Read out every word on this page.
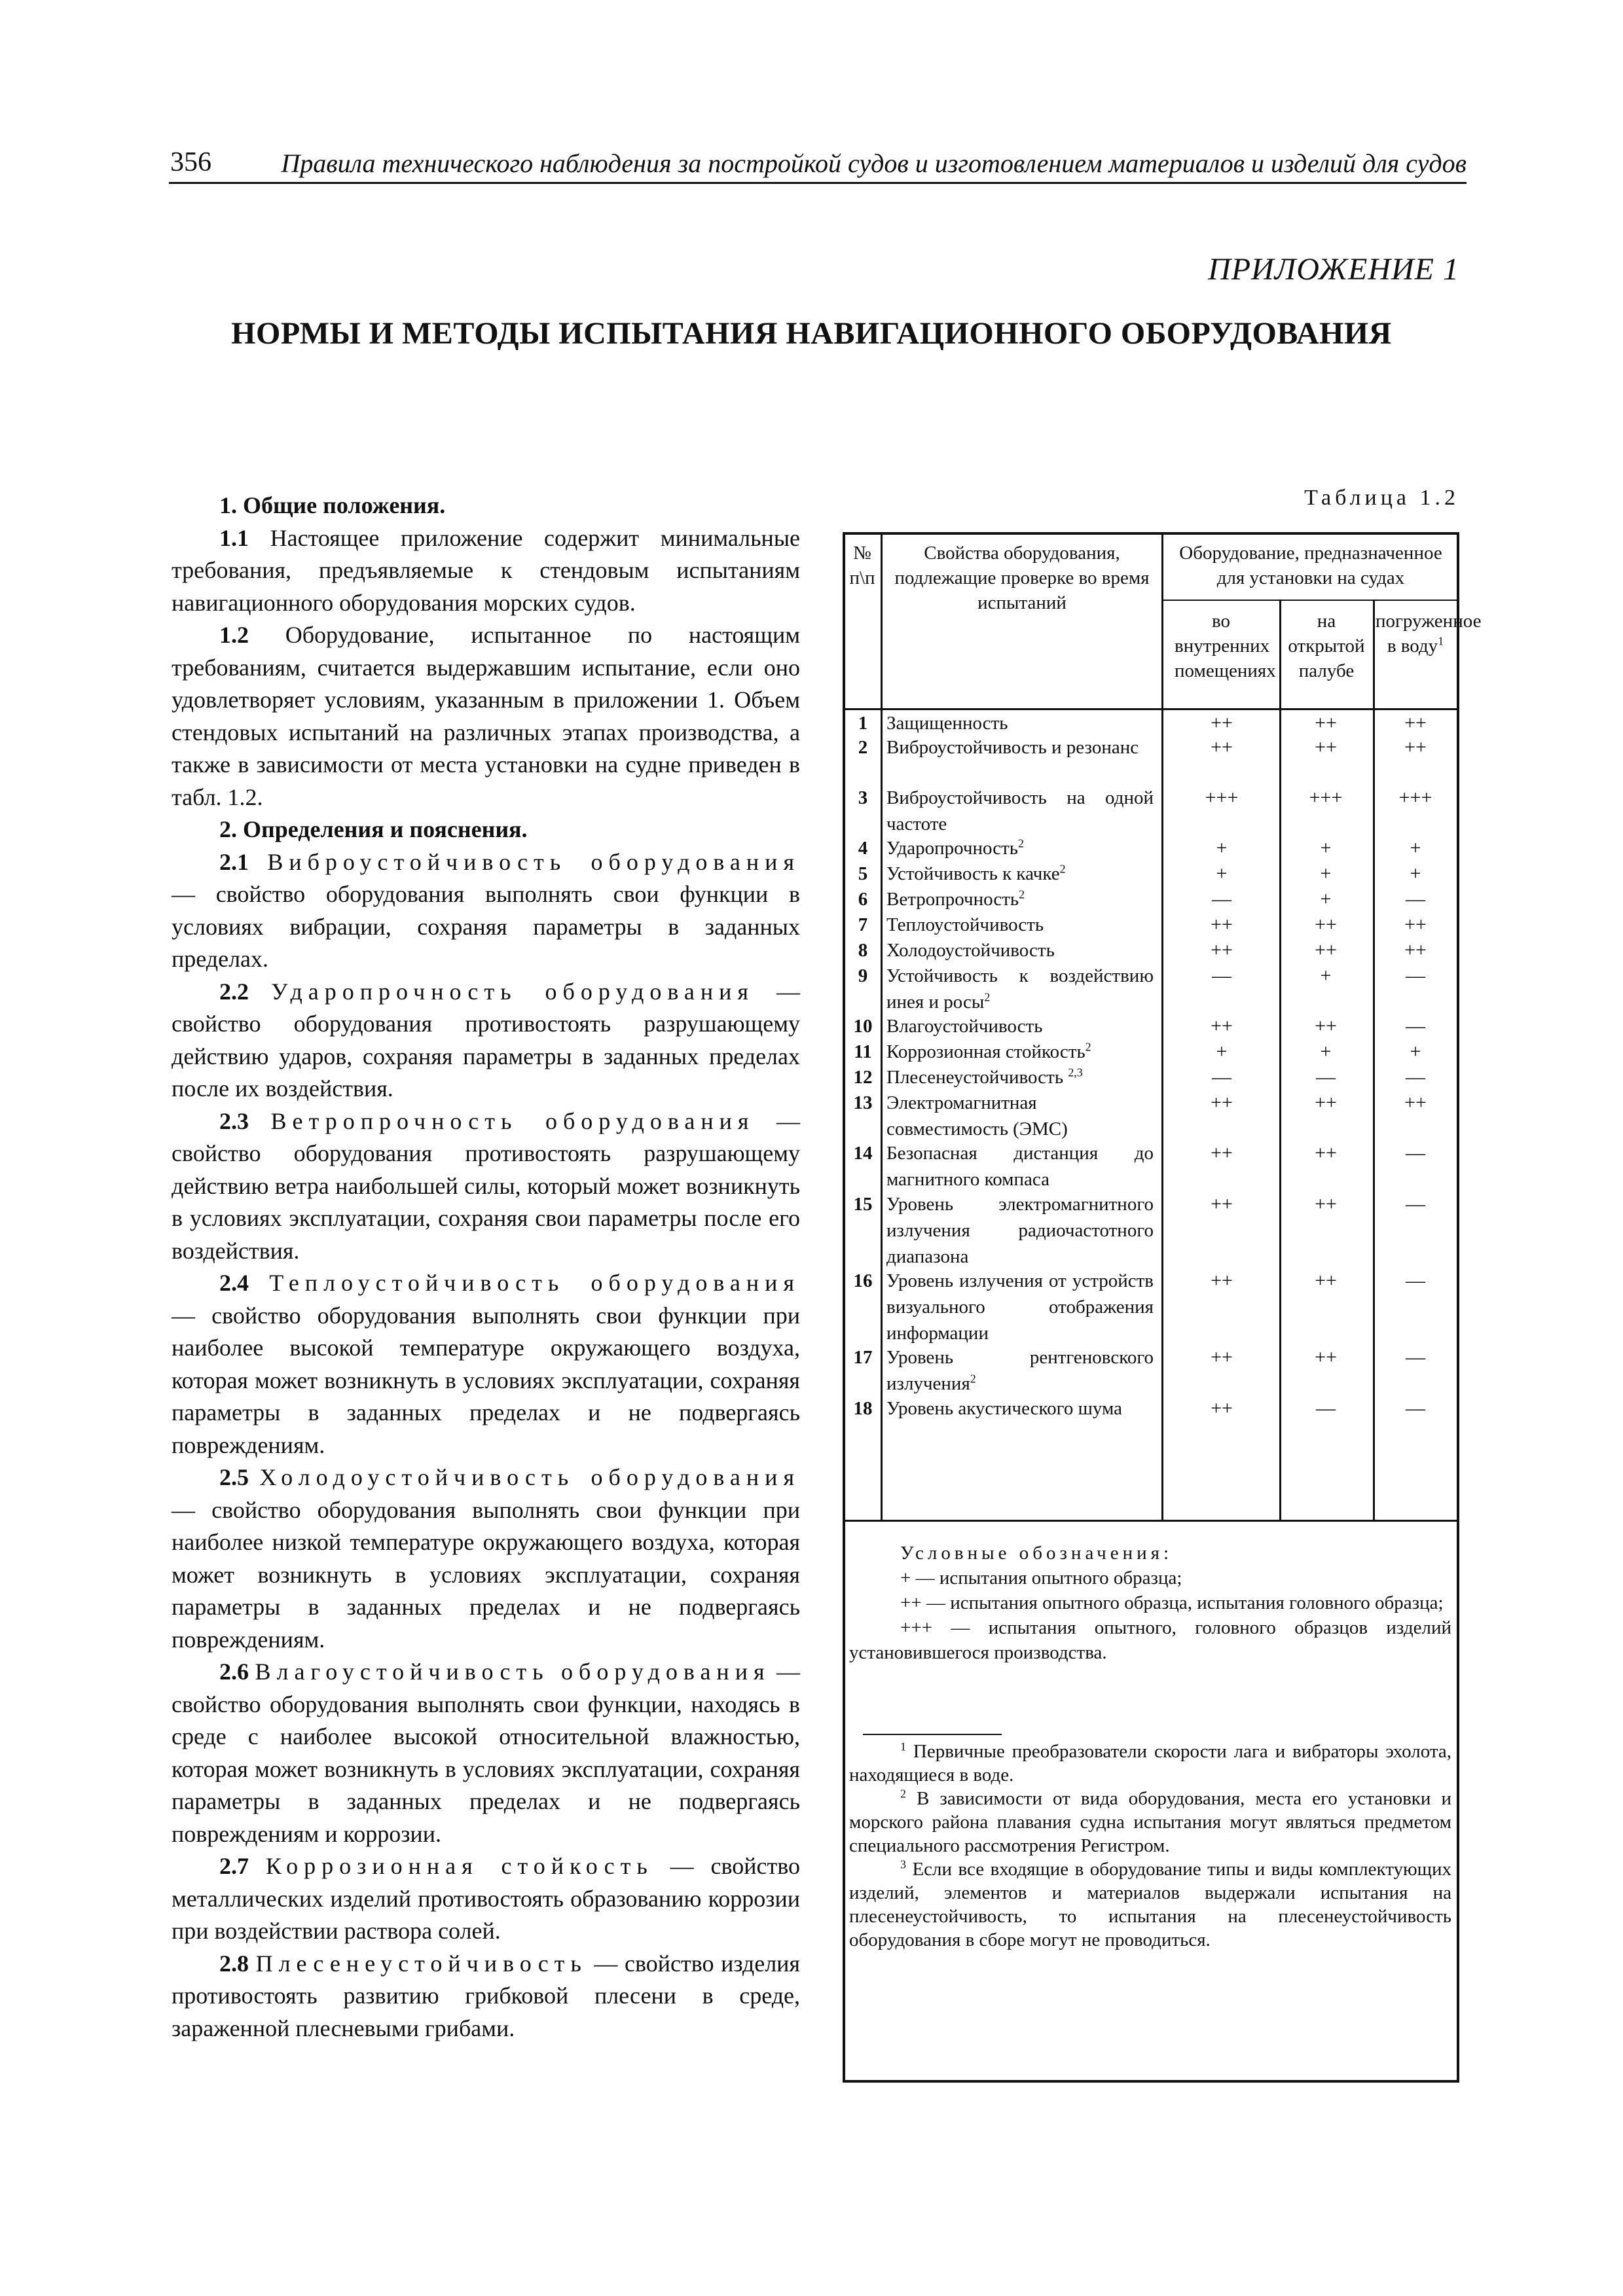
356	Правила технического наблюдения за постройкой судов и изготовлением материалов и изделий для судов
ПРИЛОЖЕНИЕ 1
НОРМЫ И МЕТОДЫ ИСПЫТАНИЯ НАВИГАЦИОННОГО ОБОРУДОВАНИЯ

1. Общие положения.

1.1 Настоящее приложение содержит минимальные требования, предъявляемые к стендовым испытаниям навигационного оборудования морских судов.

1.2 Оборудование, испытанное по настоящим требованиям, считается выдержавшим испытание, если оно удовлетворяет условиям, указанным в приложении 1. Объем стендовых испытаний на различных этапах производства, а также в зависимости от места установки на судне приведен в табл. 1.2.

2. Определения и пояснения.

2.1 Виброустойчивость оборудования — свойство оборудования выполнять свои функции в условиях вибрации, сохраняя параметры в заданных пределах.

2.2 Ударопрочность оборудования — свойство оборудования противостоять разрушающему действию ударов, сохраняя параметры в заданных пределах после их воздействия.

2.3 Ветропрочность оборудования — свойство оборудования противостоять разрушающему действию ветра наибольшей силы, который может возникнуть в условиях эксплуатации, сохраняя свои параметры после его воздействия.

2.4 Теплоустойчивость оборудования — свойство оборудования выполнять свои функции при наиболее высокой температуре окружающего воздуха, которая может возникнуть в условиях эксплуатации, сохраняя параметры в заданных пределах и не подвергаясь повреждениям.

2.5 Холодоустойчивость оборудования — свойство оборудования выполнять свои функции при наиболее низкой температуре окружающего воздуха, которая может возникнуть в условиях эксплуатации, сохраняя параметры в заданных пределах и не подвергаясь повреждениям.

2.6 Влагоустойчивость оборудования — свойство оборудования выполнять свои функции, находясь в среде с наиболее высокой относительной влажностью, которая может возникнуть в условиях эксплуатации, сохраняя параметры в заданных пределах и не подвергаясь повреждениям и коррозии.

2.7 Коррозионная стойкость — свойство металлических изделий противостоять образованию коррозии при воздействии раствора солей.

2.8 Плесенеустойчивость — свойство изделия противостоять развитию грибковой плесени в среде, зараженной плесневыми грибами.

Таблица 1.2
№ п\п
Свойства оборудования, подлежащие проверке во время испытаний
Оборудование, предназначенное для установки на судах
во внутренних помещениях
на открытой палубе
погруженное в воду$^1$
1 Защищенность	++	++	++
2 Виброустойчивость и резонанс	++	++	++
3 Виброустойчивость на одной частоте
+++	+++	+++
4 Ударопрочность$^2$	+	+	+
5 Устойчивость к качке$^2$	+	+	+
6 Ветропрочность$^2$	—	+	—
7 Теплоустойчивость	++	++	++
8 Холодоустойчивость	++	++	++
9 Устойчивость к воздействию инея и росы$^2$
—	+	—
10 Влагоустойчивость	++	++	—
11 Коррозионная стойкость$^2$	+	+	+
12 Плесенеустойчивость $^{2,3}$	—	—	—
13 Электромагнитная совместимость (ЭМС)
++	++	++
14 Безопасная дистанция до магнитного компаса
++	++	—
15 Уровень электромагнитного излучения радиочастотного диапазона
++	++	—
16 Уровень излучения от устройств визуального отображения информации
++	++	—
17 Уровень рентгеновского излучения$^2$
++	++	—
18 Уровень акустического шума	++	—	—

Условные обозначения:

+ — испытания опытного образца;

++ — испытания опытного образца, испытания головного образца;

+++ — испытания опытного, головного образцов изделий установившегося производства.

$^1$ Первичные преобразователи скорости лага и вибраторы эхолота, находящиеся в воде.

$^2$ В зависимости от вида оборудования, места его установки и морского района плавания судна испытания могут являться предметом специального рассмотрения Регистром.

$^3$ Если все входящие в оборудование типы и виды комплектующих изделий, элементов и материалов выдержали испытания на плесенеустойчивость, то испытания на плесенеустойчивость оборудования в сборе могут не проводиться.
